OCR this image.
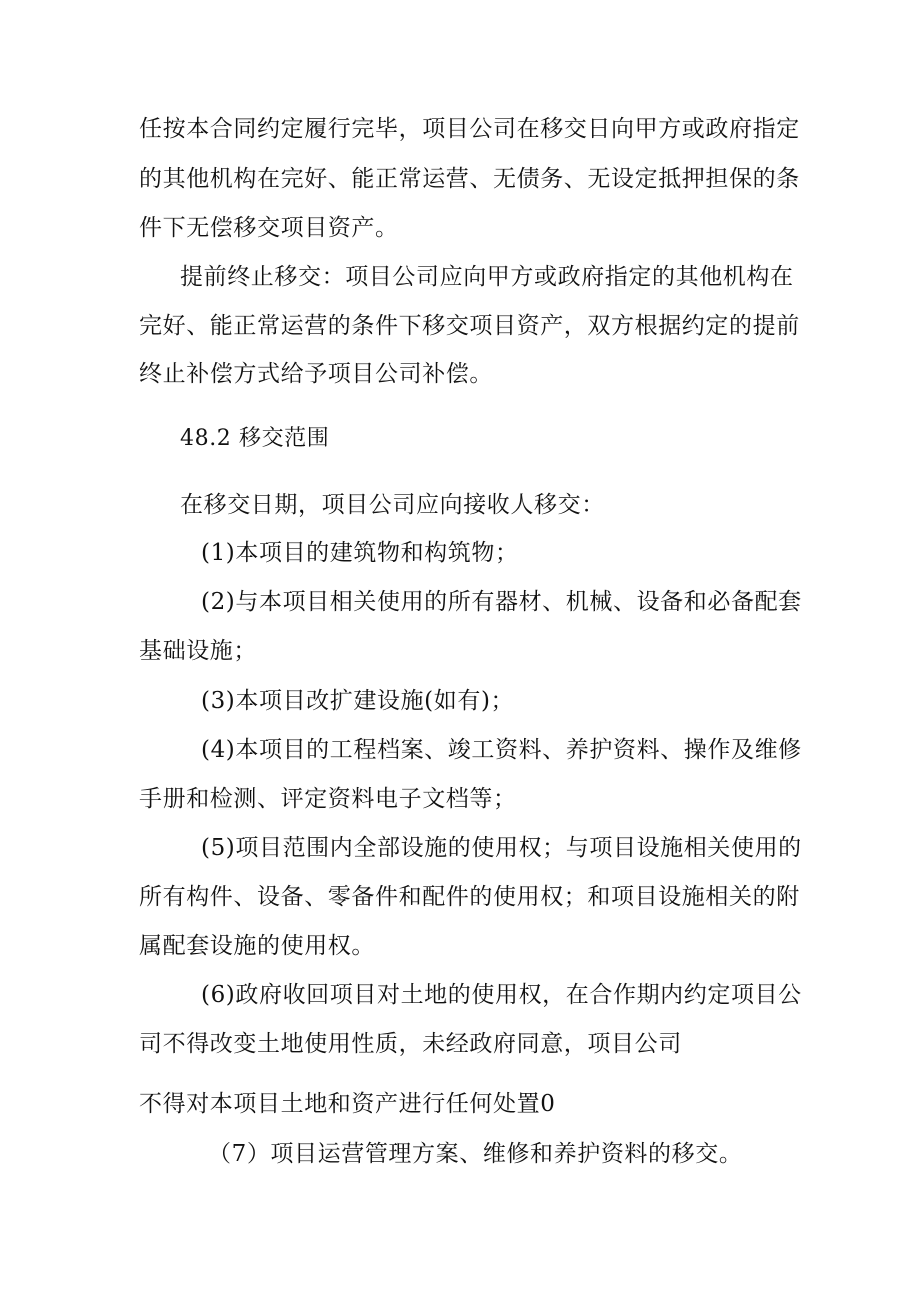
任按本合同约定履行完毕，项目公司在移交日向甲方或政府指定
的其他机构在完好、能正常运营、无债务、无设定抵押担保的条
件下无偿移交项目资产。
提前终止移交：项目公司应向甲方或政府指定的其他机构在
完好、能正常运营的条件下移交项目资产，双方根据约定的提前
终止补偿方式给予项目公司补偿。
48.2 移交范围
在移交日期，项目公司应向接收人移交：
(1)本项目的建筑物和构筑物；
(2)与本项目相关使用的所有器材、机械、设备和必备配套
基础设施；
(3)本项目改扩建设施(如有)；
(4)本项目的工程档案、竣工资料、养护资料、操作及维修
手册和检测、评定资料电子文档等；
(5)项目范围内全部设施的使用权；与项目设施相关使用的
所有构件、设备、零备件和配件的使用权；和项目设施相关的附
属配套设施的使用权。
(6)政府收回项目对土地的使用权，在合作期内约定项目公
司不得改变土地使用性质，未经政府同意，项目公司
不得对本项目土地和资产进行任何处置0
（7）项目运营管理方案、维修和养护资料的移交。
